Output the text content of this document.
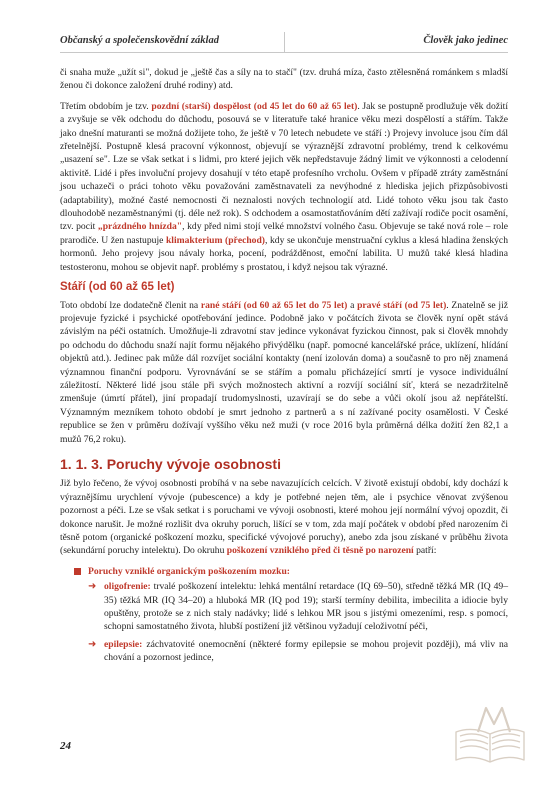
Občanský a společenskovědní základ	Člověk jako jedinec

či snaha muže „užít si", dokud je „ještě čas a síly na to stačí" (tzv. druhá míza, často ztělesněná románkem s mladší ženou či dokonce založení druhé rodiny) atd.

Třetím obdobím je tzv. pozdní (starší) dospělost (od 45 let do 60 až 65 let). Jak se postupně prodlužuje věk dožití a zvyšuje se věk odchodu do důchodu, posouvá se v literatuře také hranice věku mezi dospělostí a stářím. Takže jako dnešní maturanti se možná dožijete toho, že ještě v 70 letech nebudete ve stáří :) Projevy involuce jsou čím dál zřetelnější. Postupně klesá pracovní výkonnost, objevují se výraznější zdravotní problémy, trend k celkovému „usazení se". Lze se však setkat i s lidmi, pro které jejich věk nepředstavuje žádný limit ve výkonnosti a celodenní aktivitě. Lidé i přes involuční projevy dosahují v této etapě profesního vrcholu. Ovšem v případě ztráty zaměstnání jsou uchazeči o práci tohoto věku považováni zaměstnavateli za nevýhodné z hlediska jejich přizpůsobivosti (adaptability), možné časté nemocnosti či neznalosti nových technologií atd. Lidé tohoto věku jsou tak často dlouhodobě nezaměstnanými (tj. déle než rok). S odchodem a osamostatňováním dětí zažívají rodiče pocit osamění, tzv. pocit „prázdného hnízda", kdy před nimi stojí velké množství volného času. Objevuje se také nová role – role prarodiče. U žen nastupuje klimakterium (přechod), kdy se ukončuje menstruační cyklus a klesá hladina ženských hormonů. Jeho projevy jsou návaly horka, pocení, podrážděnost, emoční labilita. U mužů také klesá hladina testosteronu, mohou se objevit např. problémy s prostatou, i když nejsou tak výrazné.

Stáří (od 60 až 65 let)

Toto období lze dodatečně členit na rané stáří (od 60 až 65 let do 75 let) a pravé stáří (od 75 let). Znatelně se již projevuje fyzické i psychické opotřebování jedince. Podobně jako v počátcích života se člověk nyní opět stává závislým na péči ostatních. Umožňuje-li zdravotní stav jedince vykonávat fyzickou činnost, pak si člověk mnohdy po odchodu do důchodu snaží najít formu nějakého přivýdělku (např. pomocné kancelářské práce, uklízení, hlídání objektů atd.). Jedinec pak může dál rozvíjet sociální kontakty (není izolován doma) a současně to pro něj znamená významnou finanční podporu. Vyrovnávání se se stářím a pomalu přicházející smrtí je vysoce individuální záležitostí. Některé lidé jsou stále při svých možnostech aktivní a rozvíjí sociální síť, která se nezadržitelně zmenšuje (úmrtí přátel), jiní propadají trudomyslnosti, uzavírají se do sebe a vůči okolí jsou až nepřátelští. Významným mezníkem tohoto období je smrt jednoho z partnerů a s ní zažívané pocity osamělosti. V České republice se žen v průměru dožívají vyššího věku než muži (v roce 2016 byla průměrná délka dožití žen 82,1 a mužů 76,2 roku).

1. 1. 3. Poruchy vývoje osobnosti

Již bylo řečeno, že vývoj osobnosti probíhá v na sebe navazujících celcích. V životě existují období, kdy dochází k výraznějšímu urychlení vývoje (pubescence) a kdy je potřebné nejen těm, ale i psychice věnovat zvýšenou pozornost a péči. Lze se však setkat i s poruchami ve vývoji osobnosti, které mohou její normální vývoj opozdit, či dokonce narušit. Je možné rozlišit dva okruhy poruch, lišící se v tom, zda mají počátek v období před narozením či těsně potom (organické poškození mozku, specifické vývojové poruchy), anebo zda jsou získané v průběhu života (sekundární poruchy intelektu). Do okruhu poškození vzniklého před či těsně po narození patří:

Poruchy vzniklé organickým poškozením mozku:
➜ oligofrenie: trvalé poškození intelektu: lehká mentální retardace (IQ 69–50), středně těžká MR (IQ 49–35) těžká MR (IQ 34–20) a hluboká MR (IQ pod 19); starší termíny debilita, imbecilita a idiocie byly opuštěny, protože se z nich staly nadávky; lidé s lehkou MR jsou s jistými omezeními, resp. s pomocí, schopni samostatného života, hlubší postižení již většinou vyžadují celoživotní péči,
➜ epilepsie: záchvatovité onemocnění (některé formy epilepsie se mohou projevit později), má vliv na chování a pozornost jedince,
24
